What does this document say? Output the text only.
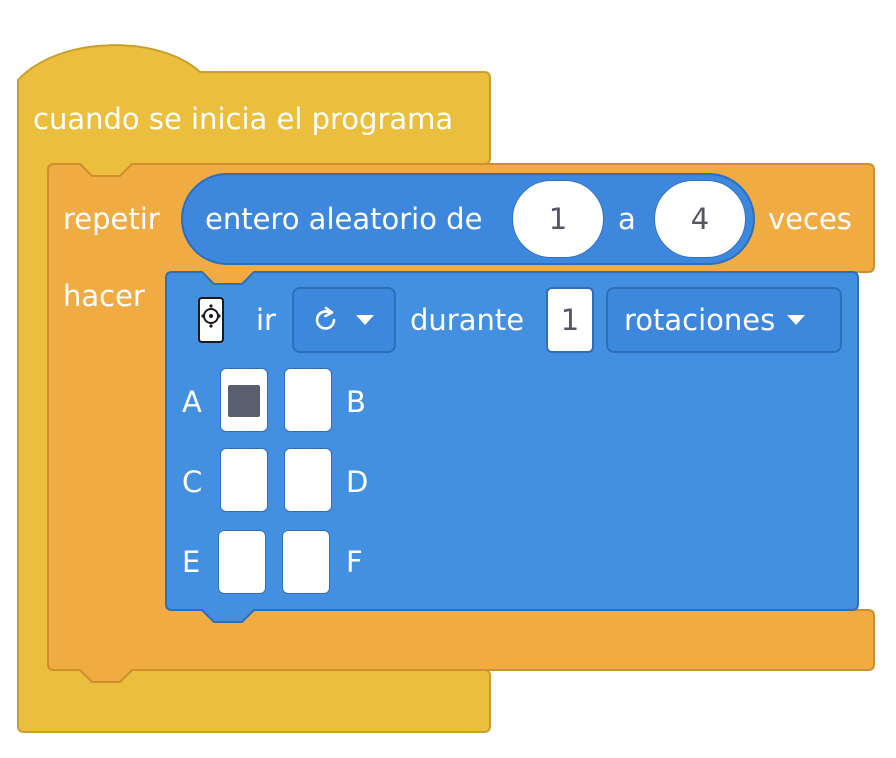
cuando se inicia el programa
repetir	veces
hacer
entero aleatorio de	1	a	4
ir	durante	1	rotaciones
A	B
C	D
E	F
